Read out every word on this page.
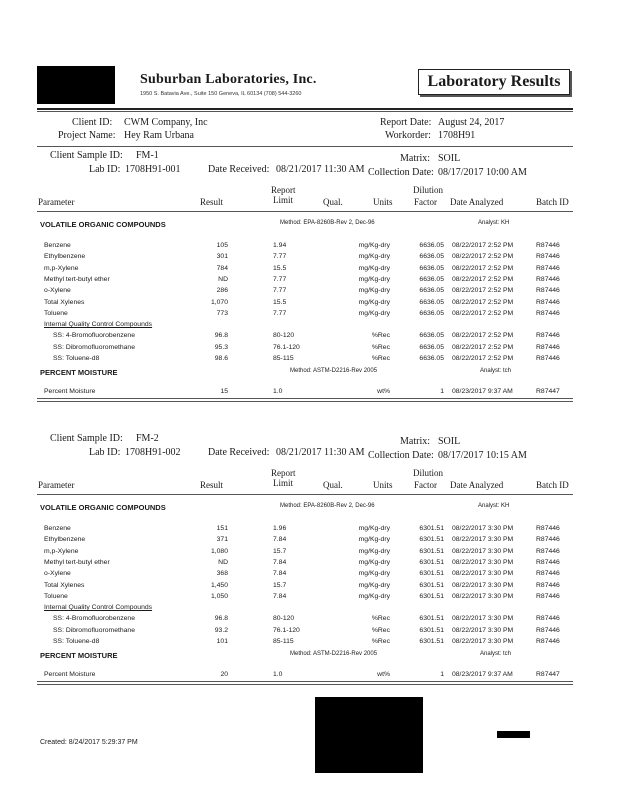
Suburban Laboratories, Inc.
1950 S. Batavia Ave., Suite 150 Geneva, IL 60134 (708) 544-3260
Laboratory Results
Client ID: CWM Company, Inc
Project Name: Hey Ram Urbana
Report Date: August 24, 2017
Workorder: 1708H91
Client Sample ID: FM-1
Lab ID: 1708H91-001	Date Received: 08/21/2017 11:30 AM
Matrix: SOIL
Collection Date: 08/17/2017 10:00 AM
Parameter	Result
Report
Limit	Qual.	Units
Dilution
Factor Date Analyzed	Batch ID
VOLATILE ORGANIC COMPOUNDS	Method: EPA-8260B-Rev 2, Dec-96	Analyst: KH
Benzene	105	1.94	mg/Kg-dry	6636.05 08/22/2017 2:52 PM	R87446
Ethylbenzene	301	7.77	mg/Kg-dry	6636.05 08/22/2017 2:52 PM	R87446
m,p-Xylene	784	15.5	mg/Kg-dry	6636.05 08/22/2017 2:52 PM	R87446
Methyl tert-butyl ether	ND	7.77	mg/Kg-dry	6636.05 08/22/2017 2:52 PM	R87446
o-Xylene	286	7.77	mg/Kg-dry	6636.05 08/22/2017 2:52 PM	R87446
Total Xylenes	1,070	15.5	mg/Kg-dry	6636.05 08/22/2017 2:52 PM	R87446
Toluene	773	7.77	mg/Kg-dry	6636.05 08/22/2017 2:52 PM	R87446
Internal Quality Control Compounds
SS: 4-Bromofluorobenzene	96.8	80-120	%Rec	6636.05 08/22/2017 2:52 PM	R87446
SS: Dibromofluoromethane	95.3	76.1-120	%Rec	6636.05 08/22/2017 2:52 PM	R87446
SS: Toluene-d8	98.6	85-115	%Rec	6636.05 08/22/2017 2:52 PM	R87446
PERCENT MOISTURE	Method: ASTM-D2216-Rev 2005	Analyst: tch
Percent Moisture	15	1.0	wt%	1 08/23/2017 9:37 AM	R87447
Client Sample ID: FM-2
Lab ID: 1708H91-002	Date Received: 08/21/2017 11:30 AM
Matrix: SOIL
Collection Date: 08/17/2017 10:15 AM
Parameter	Result
Report
Limit	Qual.	Units
Dilution
Factor Date Analyzed	Batch ID
VOLATILE ORGANIC COMPOUNDS	Method: EPA-8260B-Rev 2, Dec-96	Analyst: KH
Benzene	151	1.96	mg/Kg-dry	6301.51 08/22/2017 3:30 PM	R87446
Ethylbenzene	371	7.84	mg/Kg-dry	6301.51 08/22/2017 3:30 PM	R87446
m,p-Xylene	1,080	15.7	mg/Kg-dry	6301.51 08/22/2017 3:30 PM	R87446
Methyl tert-butyl ether	ND	7.84	mg/Kg-dry	6301.51 08/22/2017 3:30 PM	R87446
o-Xylene	368	7.84	mg/Kg-dry	6301.51 08/22/2017 3:30 PM	R87446
Total Xylenes	1,450	15.7	mg/Kg-dry	6301.51 08/22/2017 3:30 PM	R87446
Toluene	1,050	7.84	mg/Kg-dry	6301.51 08/22/2017 3:30 PM	R87446
Internal Quality Control Compounds
SS: 4-Bromofluorobenzene	96.8	80-120	%Rec	6301.51 08/22/2017 3:30 PM	R87446
SS: Dibromofluoromethane	93.2	76.1-120	%Rec	6301.51 08/22/2017 3:30 PM	R87446
SS: Toluene-d8	101	85-115	%Rec	6301.51 08/22/2017 3:30 PM	R87446
PERCENT MOISTURE	Method: ASTM-D2216-Rev 2005	Analyst: tch
Percent Moisture	20	1.0	wt%	1 08/23/2017 9:37 AM	R87447
Created: 8/24/2017 5:29:37 PM
